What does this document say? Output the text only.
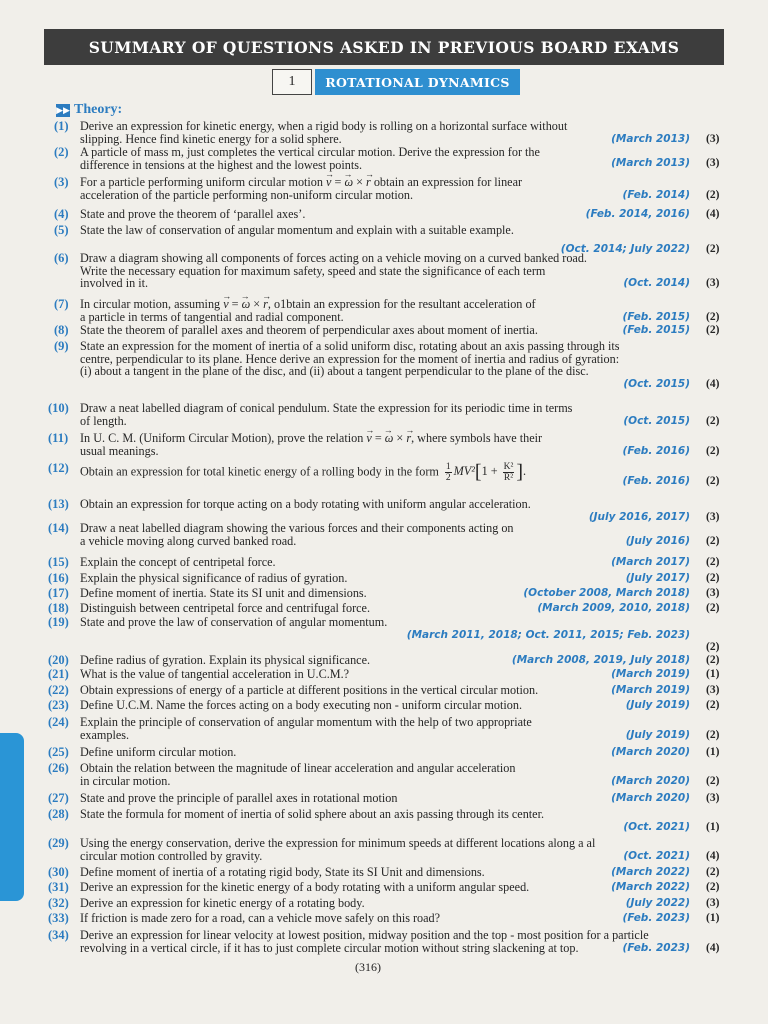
SUMMARY OF QUESTIONS ASKED IN PREVIOUS BOARD EXAMS
1	ROTATIONAL DYNAMICS
▶▶ Theory:
(1) Derive an expression for kinetic energy, when a rigid body is rolling on a horizontal surface without
slipping. Hence find kinetic energy for a solid sphere.	(March 2013) (3)
(2) A particle of mass m, just completes the vertical circular motion. Derive the expression for the
difference in tensions at the highest and the lowest points.	(March 2013) (3)
(3) For a particle performing uniform circular motion → v = → ω × → r obtain an expression for linear
acceleration of the particle performing non-uniform circular motion.	(Feb. 2014) (2)
(4) State and prove the theorem of ‘parallel axes’.	(Feb. 2014, 2016) (4)
(5) State the law of conservation of angular momentum and explain with a suitable example.
(Oct. 2014; July 2022) (2)
(6) Draw a diagram showing all components of forces acting on a vehicle moving on a curved banked road.
Write the necessary equation for maximum safety, speed and state the significance of each term
involved in it.	(Oct. 2014) (3)
(7) In circular motion, assuming → v = → ω × → r, o1btain an expression for the resultant acceleration of
a particle in terms of tangential and radial component.	(Feb. 2015) (2)
(8) State the theorem of parallel axes and theorem of perpendicular axes about moment of inertia.	(Feb. 2015) (2)
(9) State an expression for the moment of inertia of a solid uniform disc, rotating about an axis passing through its
centre, perpendicular to its plane. Hence derive an expression for the moment of inertia and radius of gyration:
(i) about a tangent in the plane of the disc, and (ii) about a tangent perpendicular to the plane of the disc.
(Oct. 2015) (4)
(10) Draw a neat labelled diagram of conical pendulum. State the expression for its periodic time in terms
of length.	(Oct. 2015) (2)
(11) In U. C. M. (Uniform Circular Motion), prove the relation → v = → ω × → r, where symbols have their
usual meanings.	(Feb. 2016) (2)
(12) Obtain an expression for total kinetic energy of a rolling body in the form $\frac{1}{2} MV^2[1 + \frac{\text{K²}}{\text{R²}}$ ].
(Feb. 2016) (2)
(13) Obtain an expression for torque acting on a body rotating with uniform angular acceleration.
(July 2016, 2017) (3)
(14) Draw a neat labelled diagram showing the various forces and their components acting on
a vehicle moving along curved banked road.	(July 2016) (2)
(15) Explain the concept of centripetal force.	(March 2017) (2)
(16) Explain the physical significance of radius of gyration.	(July 2017) (2)
(17) Define moment of inertia. State its SI unit and dimensions.	(October 2008, March 2018) (3)
(18) Distinguish between centripetal force and centrifugal force.	(March 2009, 2010, 2018) (2)
(19) State and prove the law of conservation of angular momentum.
(March 2011, 2018; Oct. 2011, 2015; Feb. 2023)
(2)
(20) Define radius of gyration. Explain its physical significance.	(March 2008, 2019, July 2018) (2)
(21) What is the value of tangential acceleration in U.C.M.?	(March 2019) (1)
(22) Obtain expressions of energy of a particle at different positions in the vertical circular motion.	(March 2019) (3)
(23) Define U.C.M. Name the forces acting on a body executing non - uniform circular motion.	(July 2019) (2)
(24) Explain the principle of conservation of angular momentum with the help of two appropriate
examples.	(July 2019) (2)
(25) Define uniform circular motion.	(March 2020) (1)
(26) Obtain the relation between the magnitude of linear acceleration and angular acceleration
in circular motion.	(March 2020) (2)
(27) State and prove the principle of parallel axes in rotational motion	(March 2020) (3)
(28) State the formula for moment of inertia of solid sphere about an axis passing through its center.
(Oct. 2021) (1)
(29) Using the energy conservation, derive the expression for minimum speeds at different locations along a al
circular motion controlled by gravity.	(Oct. 2021) (4)
(30) Define moment of inertia of a rotating rigid body, State its SI Unit and dimensions.	(March 2022) (2)
(31) Derive an expression for the kinetic energy of a body rotating with a uniform angular speed.	(March 2022) (2)
(32) Derive an expression for kinetic energy of a rotating body.	(July 2022) (3)
(33) If friction is made zero for a road, can a vehicle move safely on this road?	(Feb. 2023) (1)
(34) Derive an expression for linear velocity at lowest position, midway position and the top - most position for a particle
revolving in a vertical circle, if it has to just complete circular motion without string slackening at top.	(Feb. 2023) (4)
(316)
